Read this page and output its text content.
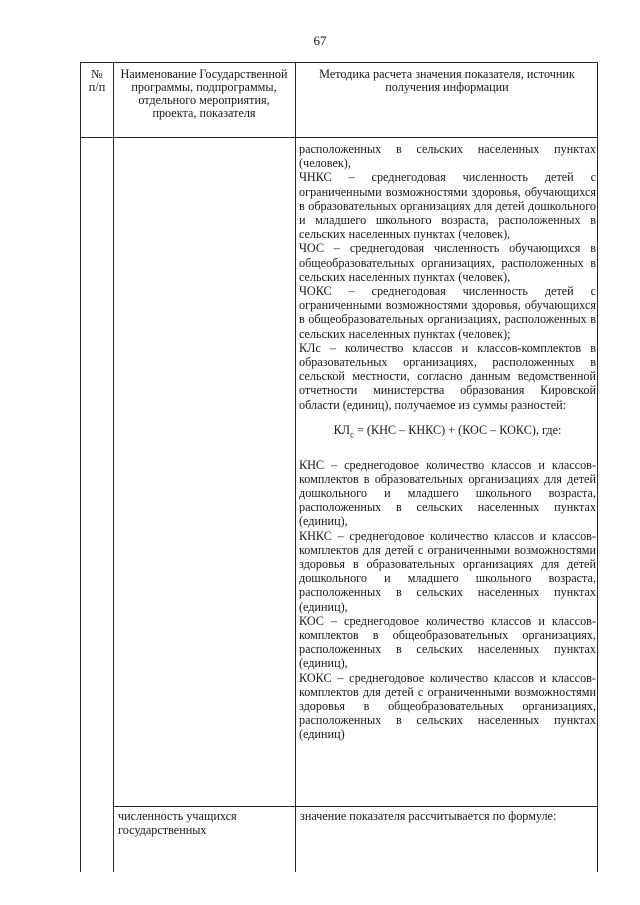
67
№ п/п
Наименование Государственной программы, подпрограммы, отдельного мероприятия, проекта, показателя
Методика расчета значения показателя, источник получения информации

расположенных в сельских населенных пунктах (человек),

ЧНКС – среднегодовая численность детей с ограниченными возможностями здоровья, обучающихся в образовательных организациях для детей дошкольного и младшего школьного возраста, расположенных в сельских населенных пунктах (человек),

ЧОС – среднегодовая численность обучающихся в общеобразовательных организациях, расположенных в сельских населенных пунктах (человек),

ЧОКС – среднегодовая численность детей с ограниченными возможностями здоровья, обучающихся в общеобразовательных организациях, расположенных в сельских населенных пунктах (человек);

КЛс – количество классов и классов-комплектов в образовательных организациях, расположенных в сельской местности, согласно данным ведомственной отчетности министерства образования Кировской области (единиц), получаемое из суммы разностей:

$КЛ_с = (КНС$ – КНКС) + (КОС – КОКС), где:

КНС – среднегодовое количество классов и классов-комплектов в образовательных организациях для детей дошкольного и младшего школьного возраста, расположенных в сельских населенных пунктах (единиц),

КНКС – среднегодовое количество классов и классов-комплектов для детей с ограниченными возможностями здоровья в образовательных организациях для детей дошкольного и младшего школьного возраста, расположенных в сельских населенных пунктах (единиц),

КОС – среднегодовое количество классов и классов-комплектов в общеобразовательных организациях, расположенных в сельских населенных пунктах (единиц),

КОКС – среднегодовое количество классов и классов-комплектов для детей с ограниченными возможностями здоровья в общеобразовательных организациях, расположенных в сельских населенных пунктах (единиц)

численность учащихся государственных
значение показателя рассчитывается по формуле:
